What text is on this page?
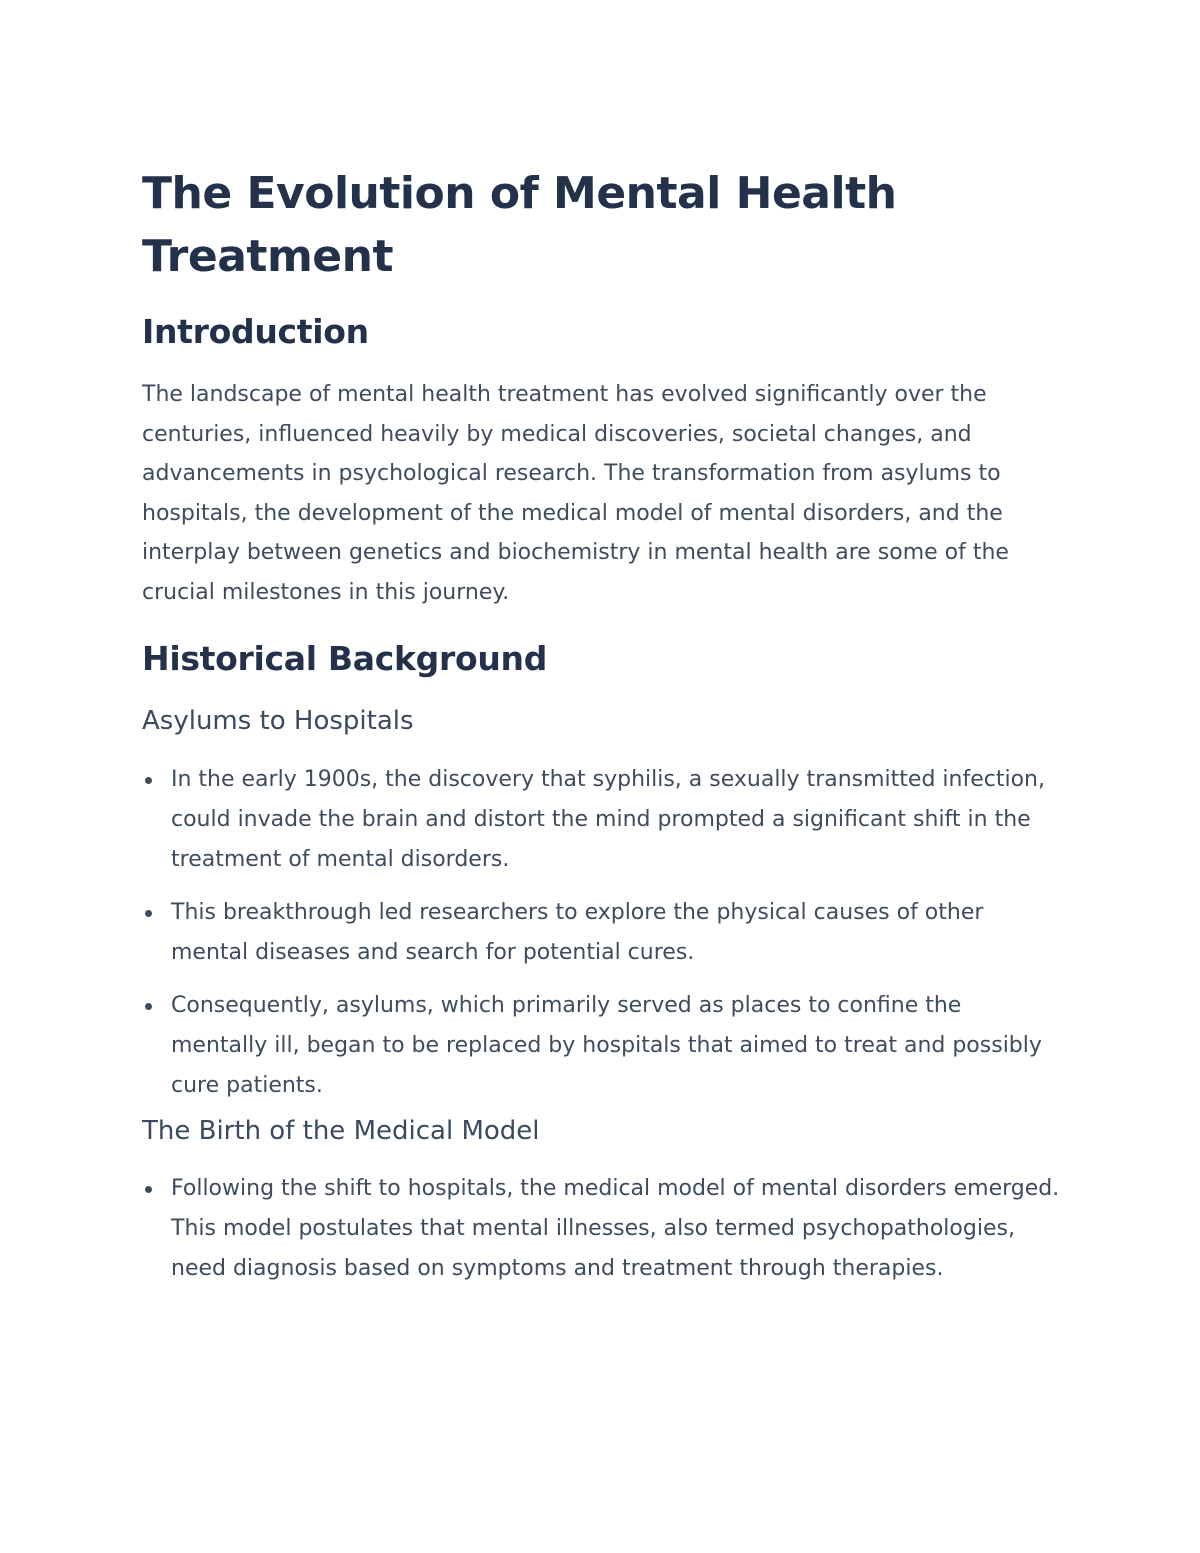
The Evolution of Mental Health Treatment
Introduction

The landscape of mental health treatment has evolved significantly over the centuries, influenced heavily by medical discoveries, societal changes, and advancements in psychological research. The transformation from asylums to hospitals, the development of the medical model of mental disorders, and the interplay between genetics and biochemistry in mental health are some of the crucial milestones in this journey.

Historical Background
Asylums to Hospitals
In the early 1900s, the discovery that syphilis, a sexually transmitted infection, could invade the brain and distort the mind prompted a significant shift in the treatment of mental disorders.
This breakthrough led researchers to explore the physical causes of other mental diseases and search for potential cures.
Consequently, asylums, which primarily served as places to confine the mentally ill, began to be replaced by hospitals that aimed to treat and possibly cure patients.
The Birth of the Medical Model
Following the shift to hospitals, the medical model of mental disorders emerged. This model postulates that mental illnesses, also termed psychopathologies, need diagnosis based on symptoms and treatment through therapies.
